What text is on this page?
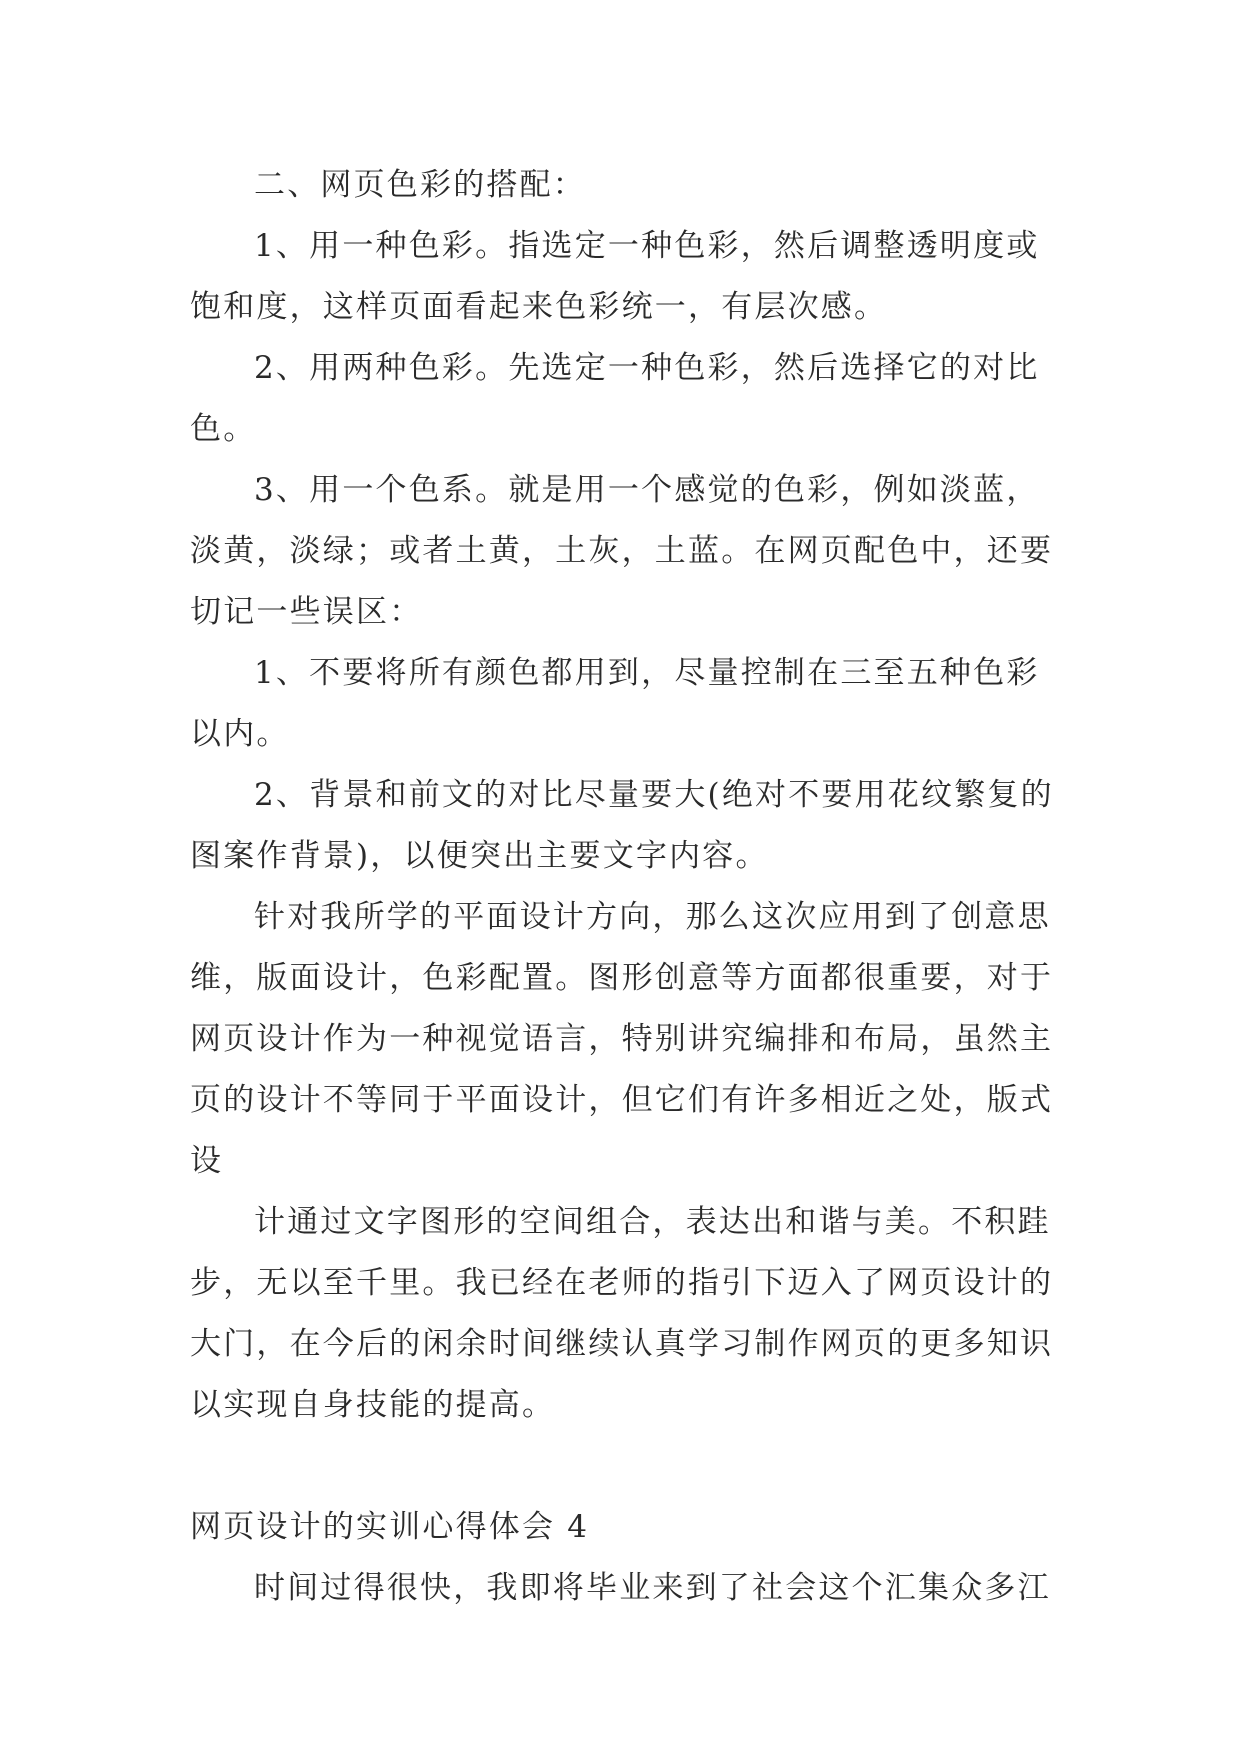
二、网页色彩的搭配：
1、用一种色彩。指选定一种色彩，然后调整透明度或
饱和度，这样页面看起来色彩统一，有层次感。
2、用两种色彩。先选定一种色彩，然后选择它的对比
色。
3、用一个色系。就是用一个感觉的色彩，例如淡蓝，
淡黄，淡绿；或者土黄，土灰，土蓝。在网页配色中，还要
切记一些误区：
1、不要将所有颜色都用到，尽量控制在三至五种色彩
以内。
2、背景和前文的对比尽量要大(绝对不要用花纹繁复的
图案作背景)，以便突出主要文字内容。
针对我所学的平面设计方向，那么这次应用到了创意思
维，版面设计，色彩配置。图形创意等方面都很重要，对于
网页设计作为一种视觉语言，特别讲究编排和布局，虽然主
页的设计不等同于平面设计，但它们有许多相近之处，版式
设
计通过文字图形的空间组合，表达出和谐与美。不积跬
步，无以至千里。我已经在老师的指引下迈入了网页设计的
大门，在今后的闲余时间继续认真学习制作网页的更多知识
以实现自身技能的提高。
网页设计的实训心得体会 4
时间过得很快，我即将毕业来到了社会这个汇集众多江
